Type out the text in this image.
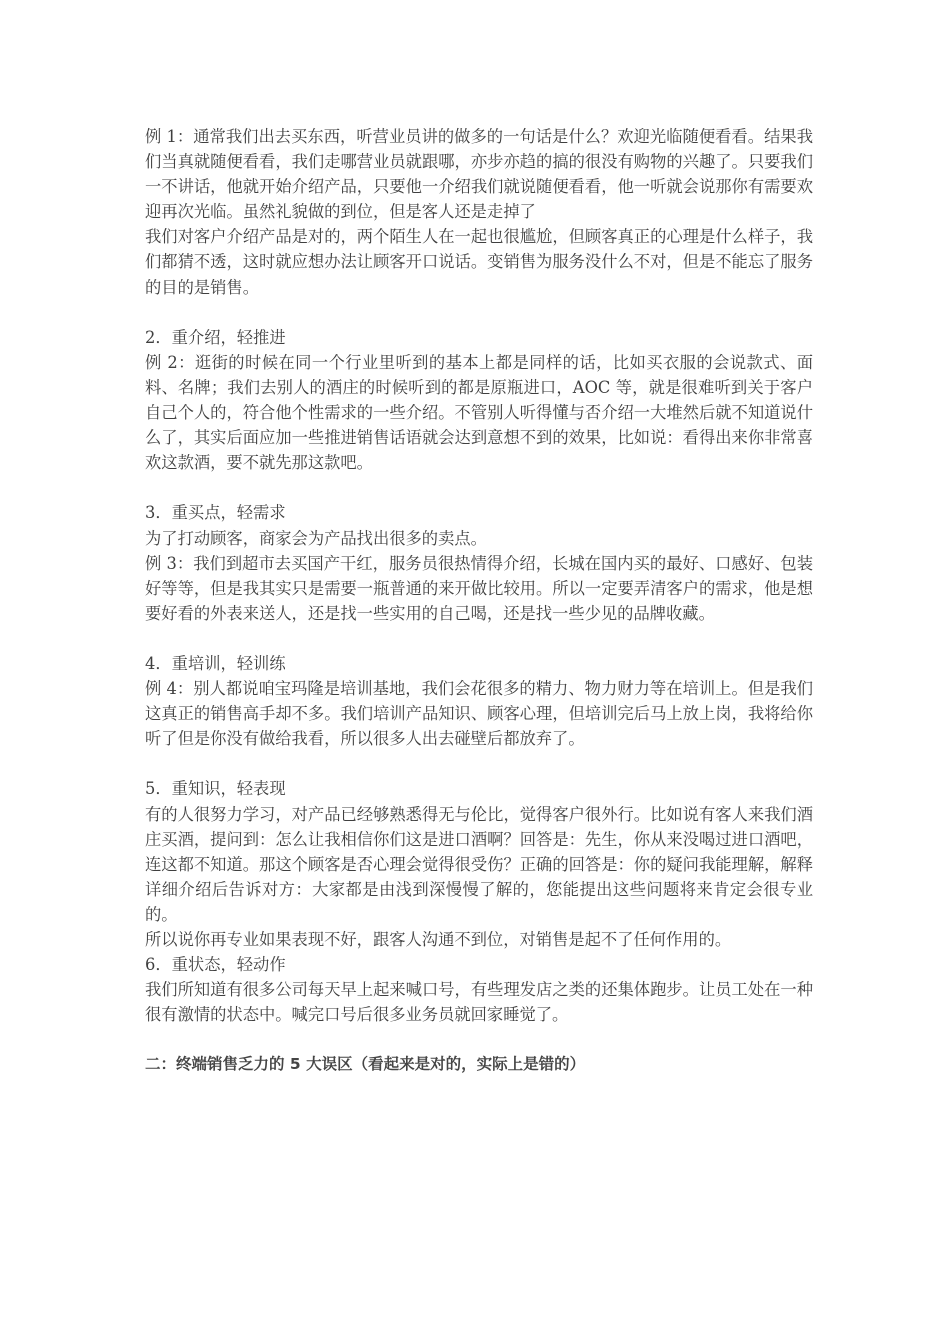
例 1：通常我们出去买东西，听营业员讲的做多的一句话是什么？欢迎光临随便看看。结果我们当真就随便看看，我们走哪营业员就跟哪，亦步亦趋的搞的很没有购物的兴趣了。只要我们一不讲话，他就开始介绍产品，只要他一介绍我们就说随便看看，他一听就会说那你有需要欢迎再次光临。虽然礼貌做的到位，但是客人还是走掉了

我们对客户介绍产品是对的，两个陌生人在一起也很尴尬，但顾客真正的心理是什么样子，我们都猜不透，这时就应想办法让顾客开口说话。变销售为服务没什么不对，但是不能忘了服务的目的是销售。

2．重介绍，轻推进

例 2：逛街的时候在同一个行业里听到的基本上都是同样的话，比如买衣服的会说款式、面料、名牌；我们去别人的酒庄的时候听到的都是原瓶进口，AOC 等，就是很难听到关于客户自己个人的，符合他个性需求的一些介绍。不管别人听得懂与否介绍一大堆然后就不知道说什么了，其实后面应加一些推进销售话语就会达到意想不到的效果，比如说：看得出来你非常喜欢这款酒，要不就先那这款吧。

3．重买点，轻需求

为了打动顾客，商家会为产品找出很多的卖点。

例 3：我们到超市去买国产干红，服务员很热情得介绍，长城在国内买的最好、口感好、包装好等等，但是我其实只是需要一瓶普通的来开做比较用。所以一定要弄清客户的需求，他是想要好看的外表来送人，还是找一些实用的自己喝，还是找一些少见的品牌收藏。

4．重培训，轻训练

例 4：别人都说咱宝玛隆是培训基地，我们会花很多的精力、物力财力等在培训上。但是我们这真正的销售高手却不多。我们培训产品知识、顾客心理，但培训完后马上放上岗，我将给你听了但是你没有做给我看，所以很多人出去碰壁后都放弃了。

5．重知识，轻表现

有的人很努力学习，对产品已经够熟悉得无与伦比，觉得客户很外行。比如说有客人来我们酒庄买酒，提问到：怎么让我相信你们这是进口酒啊？回答是：先生，你从来没喝过进口酒吧，连这都不知道。那这个顾客是否心理会觉得很受伤？正确的回答是：你的疑问我能理解，解释详细介绍后告诉对方：大家都是由浅到深慢慢了解的，您能提出这些问题将来肯定会很专业的。

所以说你再专业如果表现不好，跟客人沟通不到位，对销售是起不了任何作用的。

6．重状态，轻动作

我们所知道有很多公司每天早上起来喊口号，有些理发店之类的还集体跑步。让员工处在一种很有激情的状态中。喊完口号后很多业务员就回家睡觉了。

二：终端销售乏力的 5 大误区（看起来是对的，实际上是错的）
